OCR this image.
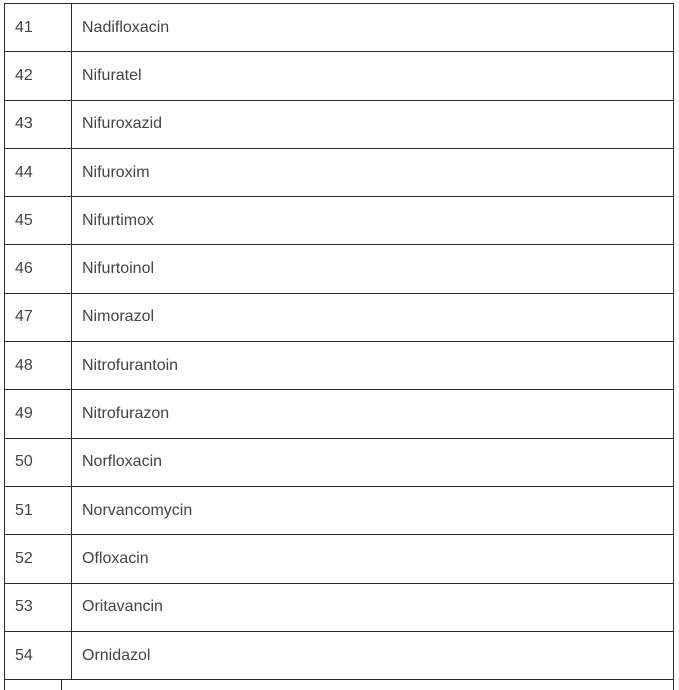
41	Nadifloxacin
42	Nifuratel
43	Nifuroxazid
44	Nifuroxim
45	Nifurtimox
46	Nifurtoinol
47	Nimorazol
48	Nitrofurantoin
49	Nitrofurazon
50	Norfloxacin
51	Norvancomycin
52	Ofloxacin
53	Oritavancin
54	Ornidazol
